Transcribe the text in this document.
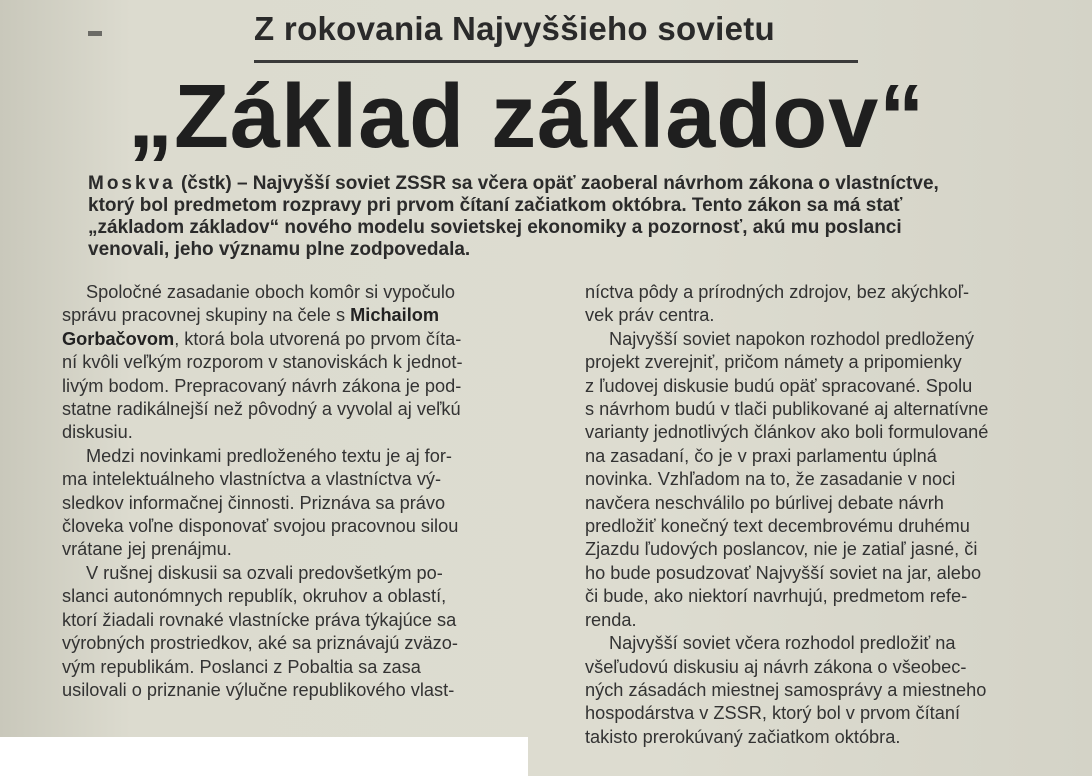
Z rokovania Najvyššieho sovietu
„Základ základov“
Moskva (čstk) – Najvyšší soviet ZSSR sa včera opäť zaoberal návrhom zákona o vlastníctve,
ktorý bol predmetom rozpravy pri prvom čítaní začiatkom októbra. Tento zákon sa má stať
„základom základov“ nového modelu sovietskej ekonomiky a pozornosť, akú mu poslanci
venovali, jeho významu plne zodpovedala.
Spoločné zasadanie oboch komôr si vypočulo
správu pracovnej skupiny na čele s Michailom
Gorbačovom, ktorá bola utvorená po prvom číta-
ní kvôli veľkým rozporom v stanoviskách k jednot-
livým bodom. Prepracovaný návrh zákona je pod-
statne radikálnejší než pôvodný a vyvolal aj veľkú
diskusiu.
Medzi novinkami predloženého textu je aj for-
ma intelektuálneho vlastníctva a vlastníctva vý-
sledkov informačnej činnosti. Priznáva sa právo
človeka voľne disponovať svojou pracovnou silou
vrátane jej prenájmu.
V rušnej diskusii sa ozvali predovšetkým po-
slanci autonómnych republík, okruhov a oblastí,
ktorí žiadali rovnaké vlastnícke práva týkajúce sa
výrobných prostriedkov, aké sa priznávajú zväzo-
vým republikám. Poslanci z Pobaltia sa zasa
usilovali o priznanie výlučne republikového vlast-
níctva pôdy a prírodných zdrojov, bez akýchkoľ-
vek práv centra.
Najvyšší soviet napokon rozhodol predložený
projekt zverejniť, pričom námety a pripomienky
z ľudovej diskusie budú opäť spracované. Spolu
s návrhom budú v tlači publikované aj alternatívne
varianty jednotlivých článkov ako boli formulované
na zasadaní, čo je v praxi parlamentu úplná
novinka. Vzhľadom na to, že zasadanie v noci
navčera neschválilo po búrlivej debate návrh
predložiť konečný text decembrovému druhému
Zjazdu ľudových poslancov, nie je zatiaľ jasné, či
ho bude posudzovať Najvyšší soviet na jar, alebo
či bude, ako niektorí navrhujú, predmetom refe-
renda.
Najvyšší soviet včera rozhodol predložiť na
všeľudovú diskusiu aj návrh zákona o všeobec-
ných zásadách miestnej samosprávy a miestneho
hospodárstva v ZSSR, ktorý bol v prvom čítaní
takisto prerokúvaný začiatkom októbra.
